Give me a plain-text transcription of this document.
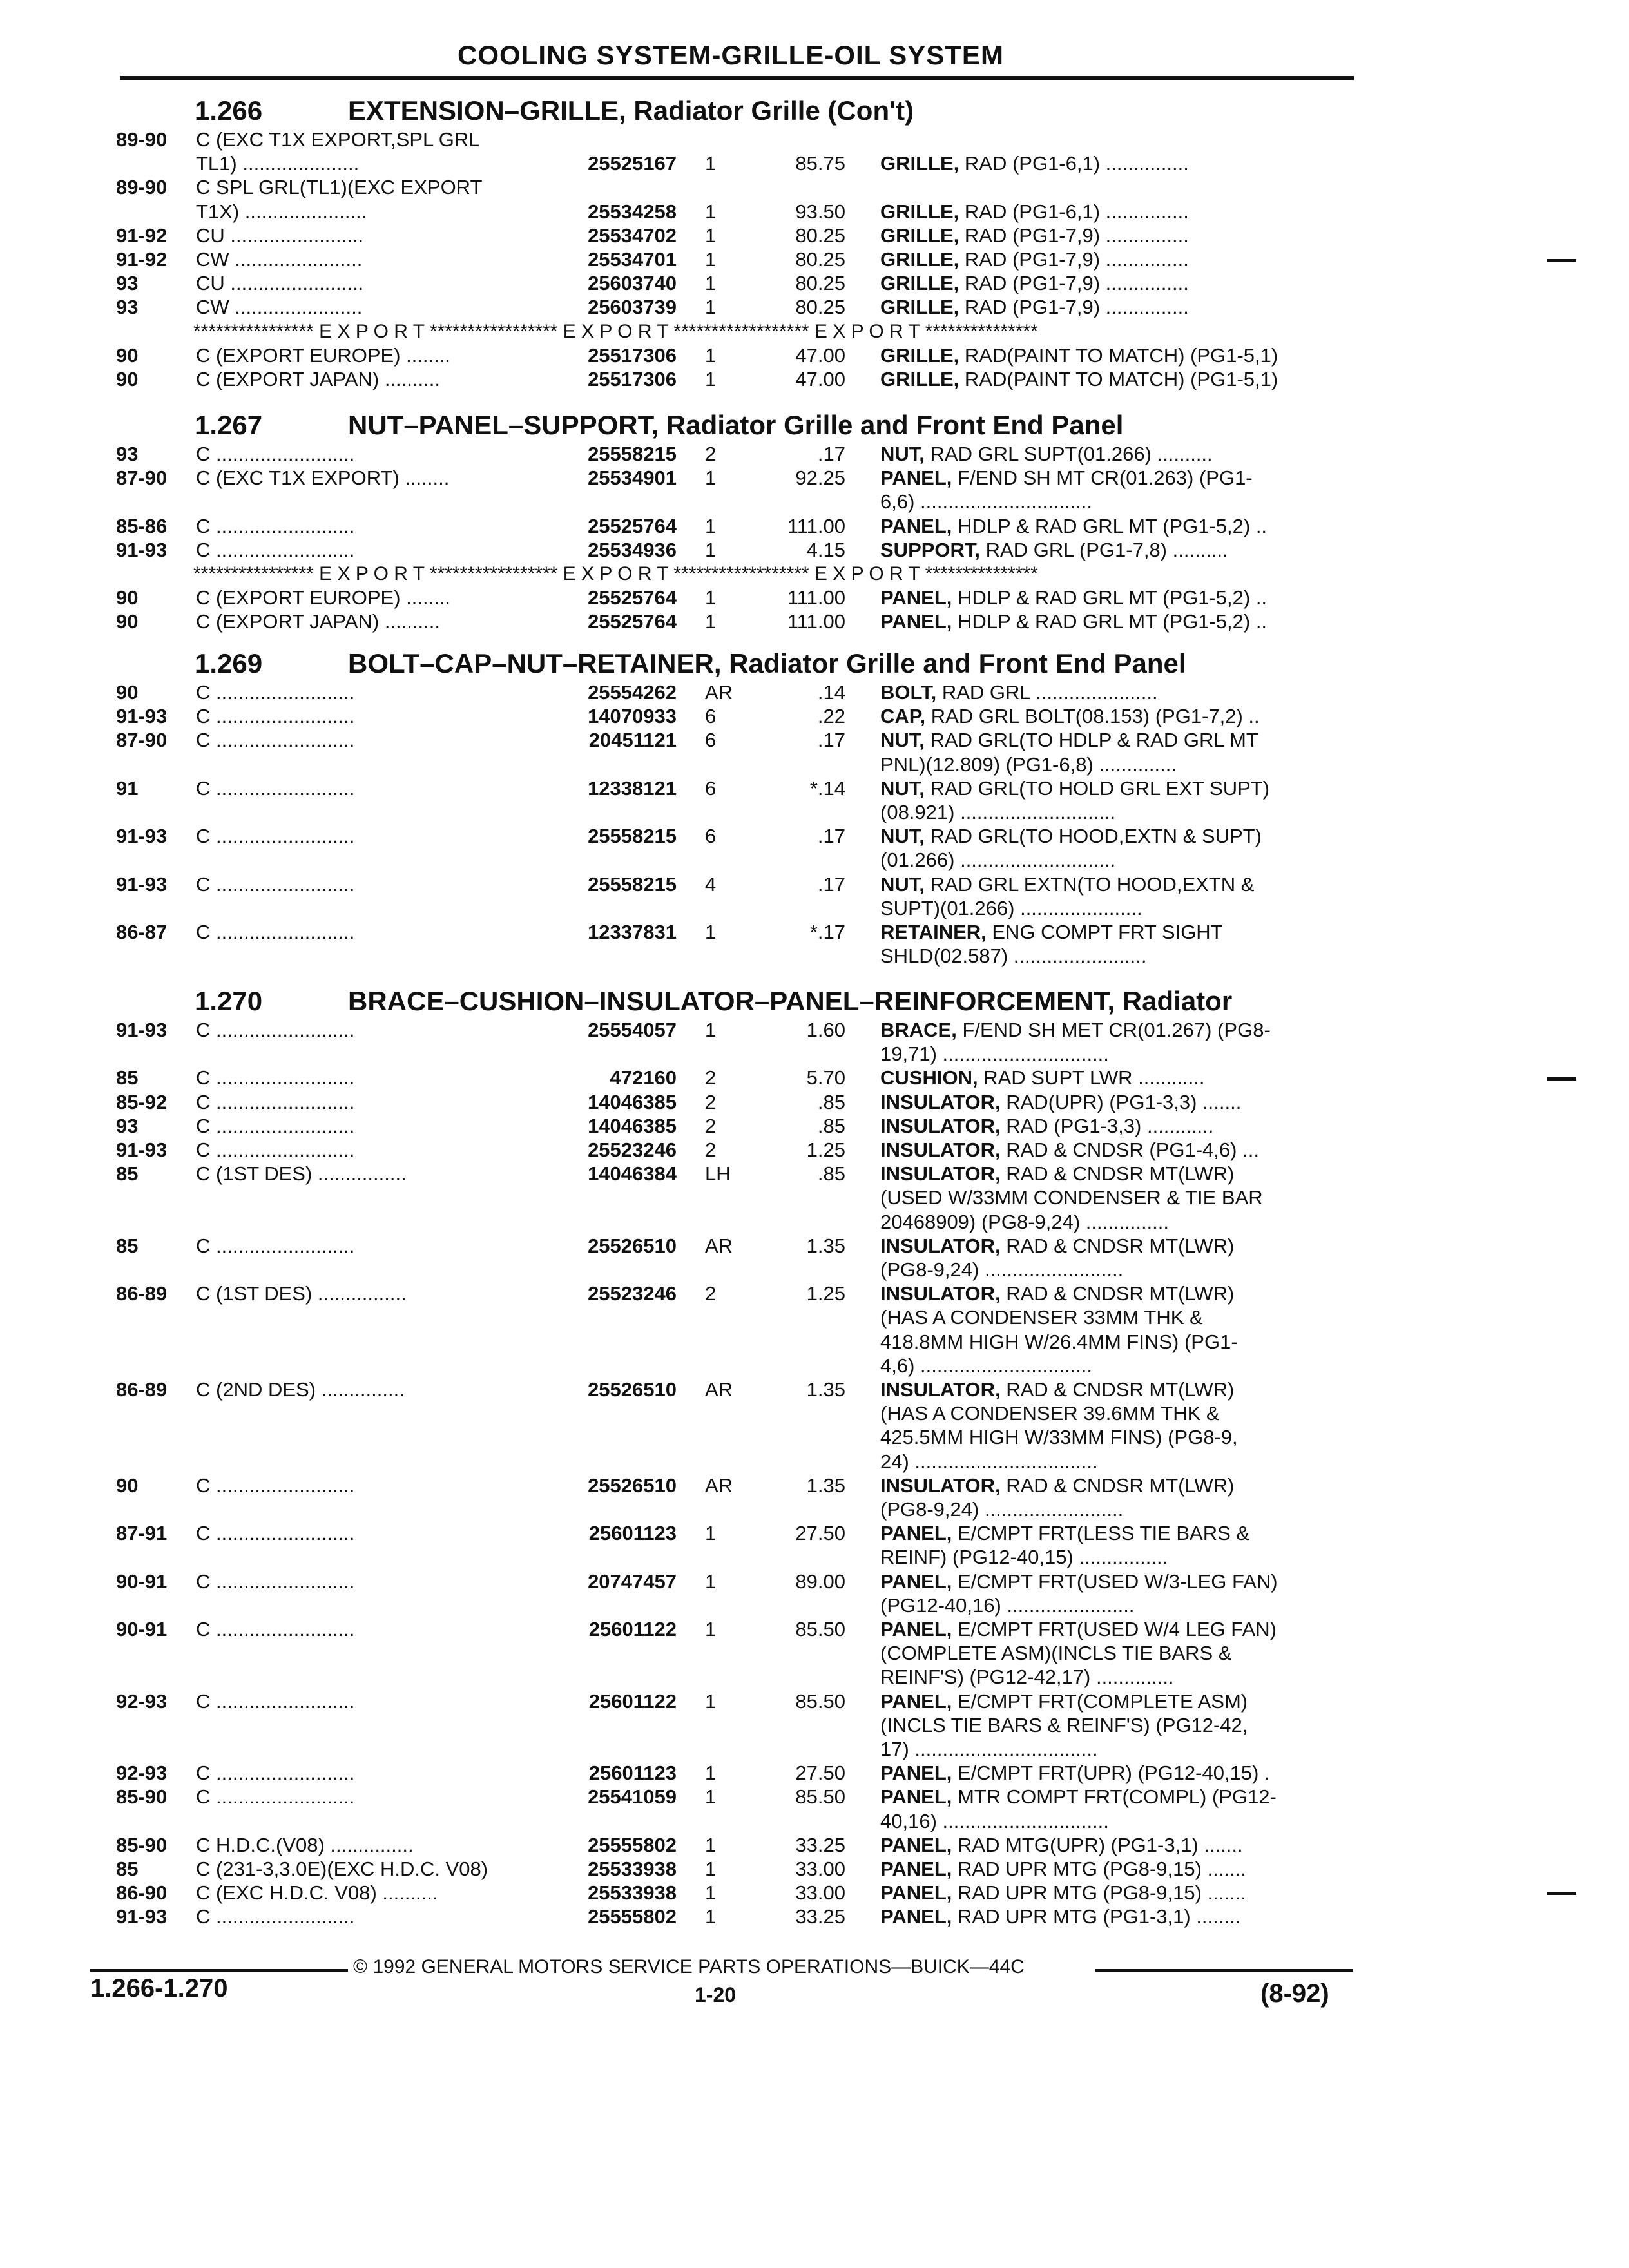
COOLING SYSTEM-GRILLE-OIL SYSTEM
1.266	EXTENSION–GRILLE, Radiator Grille (Con't)
89-90 C (EXC T1X EXPORT,SPL GRL
TL1) .....................	25525167 1	85.75 GRILLE, RAD (PG1-6,1) ...............
89-90 C SPL GRL(TL1)(EXC EXPORT
T1X) ......................	25534258 1	93.50 GRILLE, RAD (PG1-6,1) ...............
91-92 CU ........................	25534702 1	80.25 GRILLE, RAD (PG1-7,9) ...............
91-92 CW .......................	25534701 1	80.25 GRILLE, RAD (PG1-7,9) ...............
93	CU ........................	25603740 1	80.25 GRILLE, RAD (PG1-7,9) ...............
93	CW .......................	25603739 1	80.25 GRILLE, RAD (PG1-7,9) ...............
**************** E X P O R T ***************** E X P O R T ****************** E X P O R T ***************
90	C (EXPORT EUROPE) ........	25517306 1	47.00 GRILLE, RAD(PAINT TO MATCH) (PG1-5,1)
90	C (EXPORT JAPAN) ..........	25517306 1	47.00 GRILLE, RAD(PAINT TO MATCH) (PG1-5,1)
1.267	NUT–PANEL–SUPPORT, Radiator Grille and Front End Panel
93	C .........................	25558215 2	.17 NUT, RAD GRL SUPT(01.266) ..........
87-90 C (EXC T1X EXPORT) ........	25534901 1	92.25 PANEL, F/END SH MT CR(01.263) (PG1-
6,6) ...............................
85-86 C .........................	25525764 1	111.00 PANEL, HDLP & RAD GRL MT (PG1-5,2) ..
91-93 C .........................	25534936 1	4.15 SUPPORT, RAD GRL (PG1-7,8) ..........
**************** E X P O R T ***************** E X P O R T ****************** E X P O R T ***************
90	C (EXPORT EUROPE) ........	25525764 1	111.00 PANEL, HDLP & RAD GRL MT (PG1-5,2) ..
90	C (EXPORT JAPAN) ..........	25525764 1	111.00 PANEL, HDLP & RAD GRL MT (PG1-5,2) ..
1.269	BOLT–CAP–NUT–RETAINER, Radiator Grille and Front End Panel
90	C .........................	25554262 AR	.14 BOLT, RAD GRL ......................
91-93 C .........................	14070933 6	.22 CAP, RAD GRL BOLT(08.153) (PG1-7,2) ..
87-90 C .........................	20451121 6	.17 NUT, RAD GRL(TO HDLP & RAD GRL MT
PNL)(12.809) (PG1-6,8) ..............
91	C .........................	12338121 6	*.14 NUT, RAD GRL(TO HOLD GRL EXT SUPT)
(08.921) ............................
91-93 C .........................	25558215 6	.17 NUT, RAD GRL(TO HOOD,EXTN & SUPT)
(01.266) ............................
91-93 C .........................	25558215 4	.17 NUT, RAD GRL EXTN(TO HOOD,EXTN &
SUPT)(01.266) ......................
86-87 C .........................	12337831 1	*.17 RETAINER, ENG COMPT FRT SIGHT
SHLD(02.587) ........................
1.270	BRACE–CUSHION–INSULATOR–PANEL–REINFORCEMENT, Radiator
91-93 C .........................	25554057 1	1.60 BRACE, F/END SH MET CR(01.267) (PG8-
19,71) ..............................
85	C .........................	472160 2	5.70 CUSHION, RAD SUPT LWR ............
85-92 C .........................	14046385 2	.85 INSULATOR, RAD(UPR) (PG1-3,3) .......
93	C .........................	14046385 2	.85 INSULATOR, RAD (PG1-3,3) ............
91-93 C .........................	25523246 2	1.25 INSULATOR, RAD & CNDSR (PG1-4,6) ...
85	C (1ST DES) ................	14046384 LH	.85 INSULATOR, RAD & CNDSR MT(LWR)
(USED W/33MM CONDENSER & TIE BAR
20468909) (PG8-9,24) ...............
85	C .........................	25526510 AR	1.35 INSULATOR, RAD & CNDSR MT(LWR)
(PG8-9,24) .........................
86-89 C (1ST DES) ................	25523246 2	1.25 INSULATOR, RAD & CNDSR MT(LWR)
(HAS A CONDENSER 33MM THK &
418.8MM HIGH W/26.4MM FINS) (PG1-
4,6) ...............................
86-89 C (2ND DES) ...............	25526510 AR	1.35 INSULATOR, RAD & CNDSR MT(LWR)
(HAS A CONDENSER 39.6MM THK &
425.5MM HIGH W/33MM FINS) (PG8-9,
24) .................................
90	C .........................	25526510 AR	1.35 INSULATOR, RAD & CNDSR MT(LWR)
(PG8-9,24) .........................
87-91 C .........................	25601123 1	27.50 PANEL, E/CMPT FRT(LESS TIE BARS &
REINF) (PG12-40,15) ................
90-91 C .........................	20747457 1	89.00 PANEL, E/CMPT FRT(USED W/3-LEG FAN)
(PG12-40,16) .......................
90-91 C .........................	25601122 1	85.50 PANEL, E/CMPT FRT(USED W/4 LEG FAN)
(COMPLETE ASM)(INCLS TIE BARS &
REINF'S) (PG12-42,17) ..............
92-93 C .........................	25601122 1	85.50 PANEL, E/CMPT FRT(COMPLETE ASM)
(INCLS TIE BARS & REINF'S) (PG12-42,
17) .................................
92-93 C .........................	25601123 1	27.50 PANEL, E/CMPT FRT(UPR) (PG12-40,15) .
85-90 C .........................	25541059 1	85.50 PANEL, MTR COMPT FRT(COMPL) (PG12-
40,16) ..............................
85-90 C H.D.C.(V08) ...............	25555802 1	33.25 PANEL, RAD MTG(UPR) (PG1-3,1) .......
85	C (231-3,3.0E)(EXC H.D.C. V08)	25533938 1	33.00 PANEL, RAD UPR MTG (PG8-9,15) .......
86-90 C (EXC H.D.C. V08) ..........	25533938 1	33.00 PANEL, RAD UPR MTG (PG8-9,15) .......
91-93 C .........................	25555802 1	33.25 PANEL, RAD UPR MTG (PG1-3,1) ........
© 1992 GENERAL MOTORS SERVICE PARTS OPERATIONS—BUICK—44C
1.266-1.270	1-20	(8-92)
